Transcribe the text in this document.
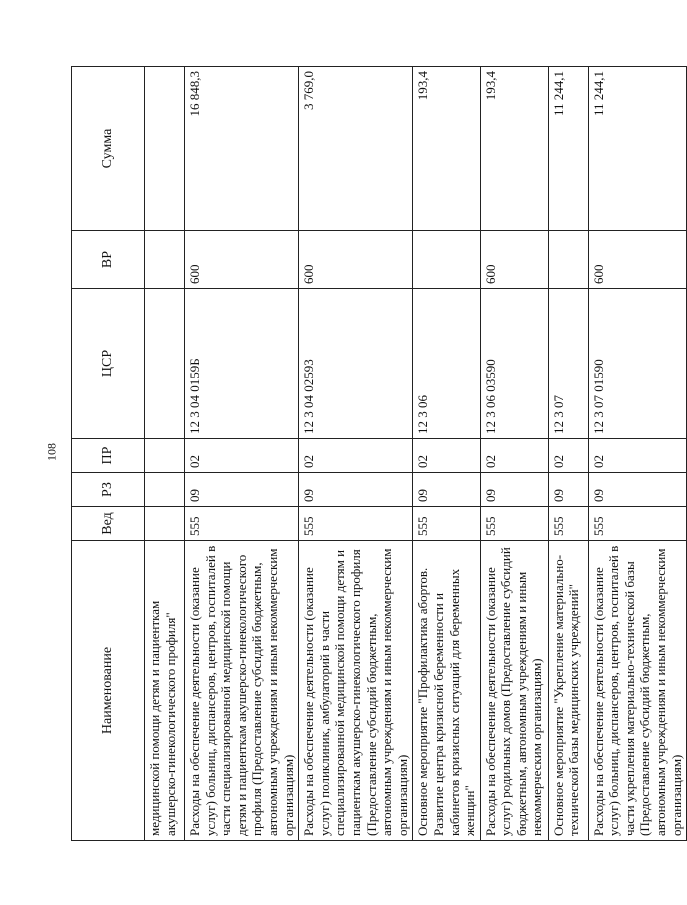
108
Наименование	Вед	РЗ	ПР	ЦСР	ВР	Сумма
медицинской помощи детям и пациенткам акушерско-гинекологического профиля"						
Расходы на обеспечение деятельности (оказание услуг) больниц, диспансеров, центров, госпиталей в части специализированной медицинской помощи детям и пациенткам акушерско-гинекологического профиля (Предоставление субсидий бюджетным, автономным учреждениям и иным некоммерческим организациям)	555	09	02	12 3 04 0159Б	600	16 848,3
Расходы на обеспечение деятельности (оказание услуг) поликлиник, амбулаторий в части специализированной медицинской помощи детям и пациенткам акушерско-гинекологического профиля (Предоставление субсидий бюджетным, автономным учреждениям и иным некоммерческим организациям)	555	09	02	12 3 04 02593	600	3 769,0
Основное мероприятие "Профилактика абортов. Развитие центра кризисной беременности и кабинетов кризисных ситуаций для беременных женщин"	555	09	02	12 3 06		193,4
Расходы на обеспечение деятельности (оказание услуг) родильных домов (Предоставление субсидий бюджетным, автономным учреждениям и иным некоммерческим организациям)	555	09	02	12 3 06 03590	600	193,4
Основное мероприятие "Укрепление материально-технической базы медицинских учреждений"	555	09	02	12 3 07		11 244,1
Расходы на обеспечение деятельности (оказание услуг) больниц, диспансеров, центров, госпиталей в части укрепления материально-технической базы (Предоставление субсидий бюджетным, автономным учреждениям и иным некоммерческим организациям)	555	09	02	12 3 07 01590	600	11 244,1
